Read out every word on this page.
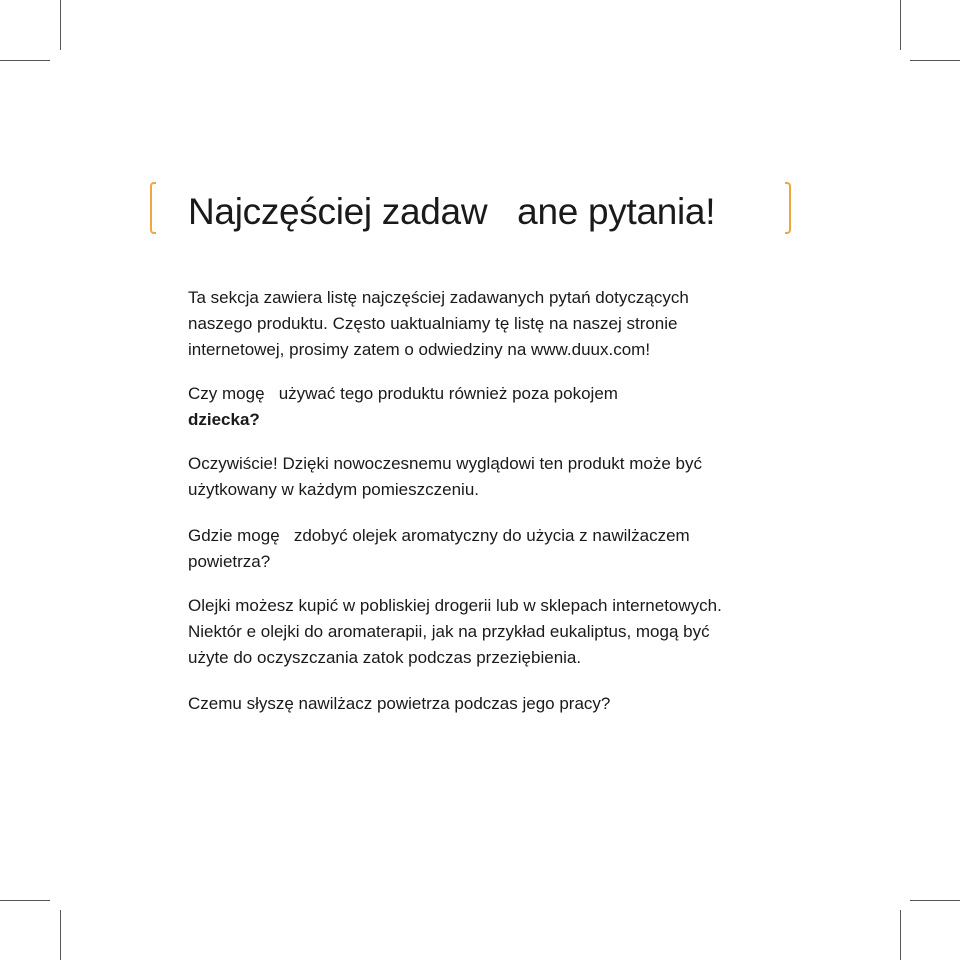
Najczęściej zadaw   ane pytania!

Ta sekcja zawiera listę najczęściej zadawanych pytań dotyczących naszego produktu. Często uaktualniamy tę listę na naszej stronie internetowej, prosimy zatem o odwiedziny na www.duux.com!

Czy mogę   używać tego produktu również poza pokojem
dziecka?

Oczywiście! Dzięki nowoczesnemu wyglądowi ten produkt może być użytkowany w każdym pomieszczeniu.

Gdzie mogę   zdobyć olejek aromatyczny do użycia z nawilżaczem powietrza?

Olejki możesz kupić w pobliskiej drogerii lub w sklepach internetowych. Niektór e olejki do aromaterapii, jak na przykład eukaliptus, mogą być użyte do oczyszczania zatok podczas przeziębienia.

Czemu słyszę nawilżacz powietrza podczas jego pracy?
